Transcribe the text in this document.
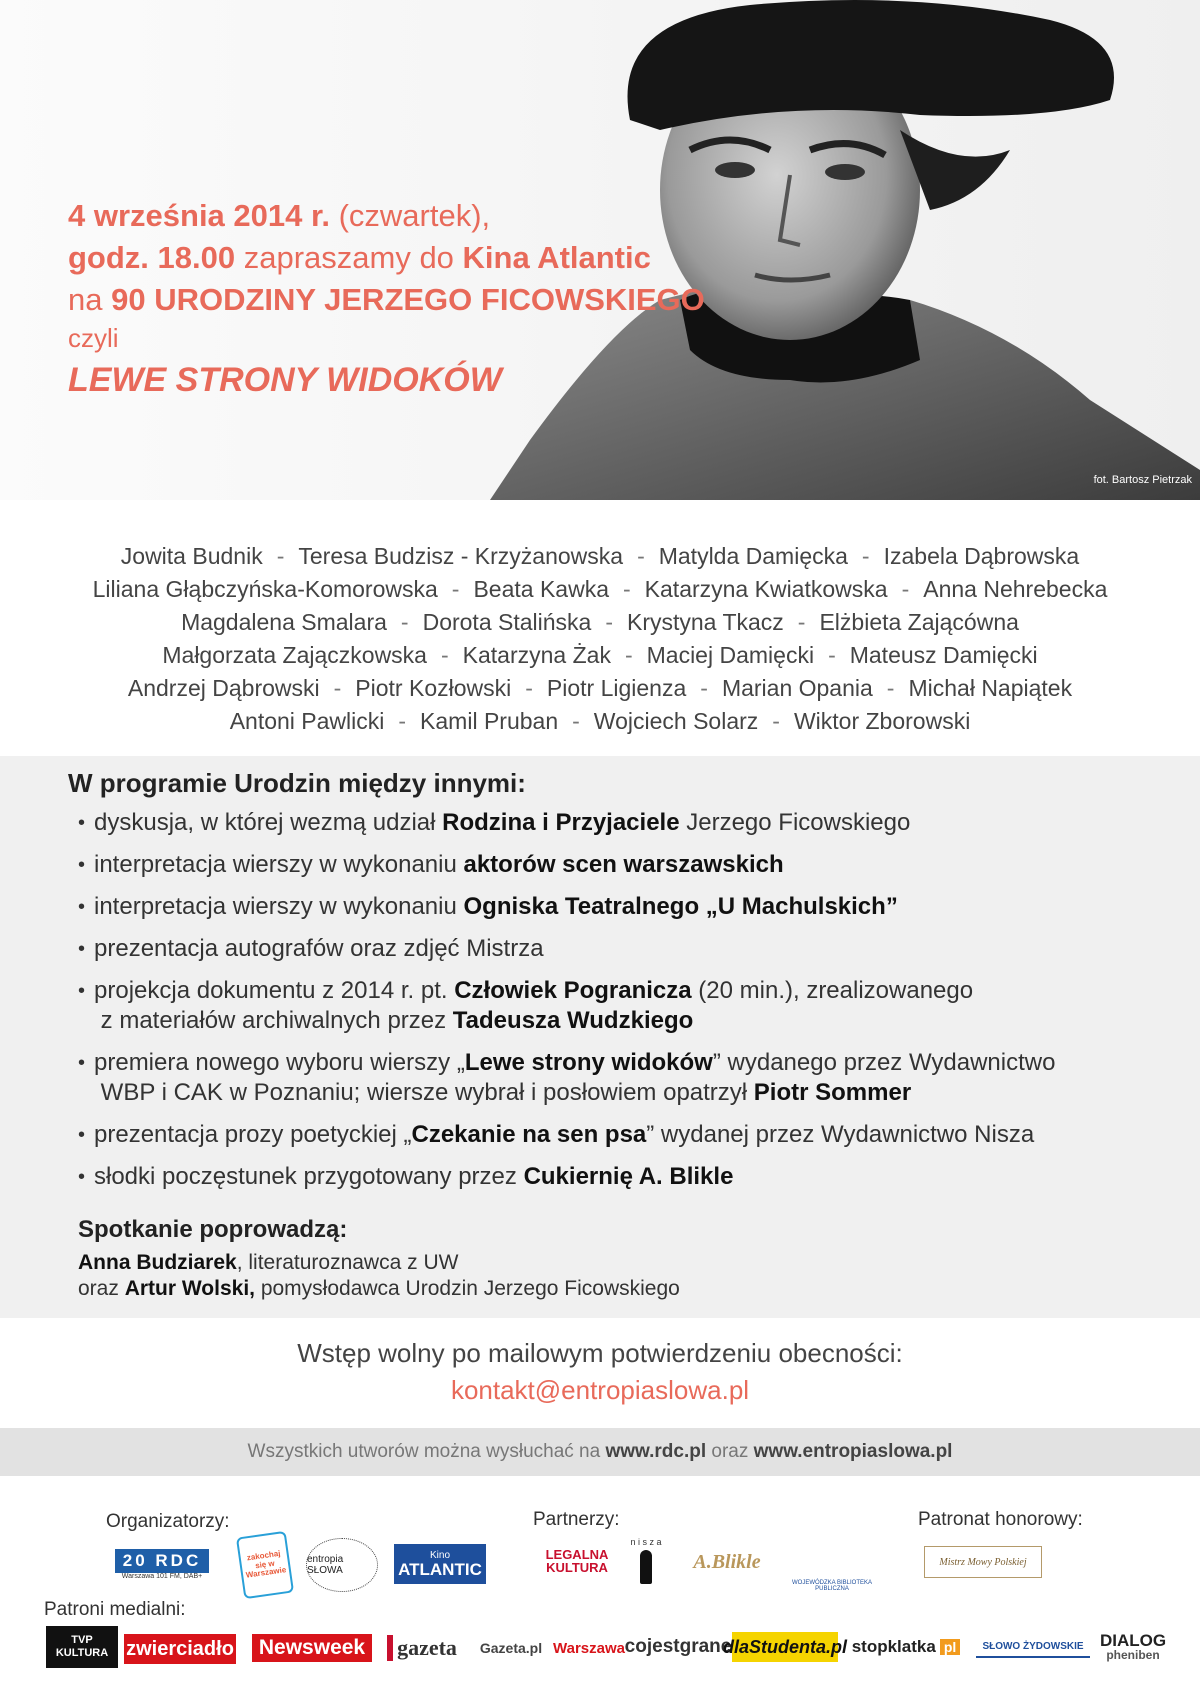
fot. Bartosz Pietrzak
4 września 2014 r. (czwartek),
godz. 18.00 zapraszamy do Kina Atlantic
na 90 URODZINY JERZEGO FICOWSKIEGO
czyli
LEWE STRONY WIDOKÓW
Jowita Budnik - Teresa Budzisz - Krzyżanowska - Matylda Damięcka - Izabela Dąbrowska
Liliana Głąbczyńska-Komorowska - Beata Kawka - Katarzyna Kwiatkowska - Anna Nehrebecka
Magdalena Smalara - Dorota Stalińska - Krystyna Tkacz - Elżbieta Zającówna
Małgorzata Zajączkowska - Katarzyna Żak - Maciej Damięcki - Mateusz Damięcki
Andrzej Dąbrowski - Piotr Kozłowski - Piotr Ligienza - Marian Opania - Michał Napiątek
Antoni Pawlicki - Kamil Pruban - Wojciech Solarz - Wiktor Zborowski
W programie Urodzin między innymi:
• dyskusja, w której wezmą udział Rodzina i Przyjaciele Jerzego Ficowskiego
• interpretacja wierszy w wykonaniu aktorów scen warszawskich
• interpretacja wierszy w wykonaniu Ogniska Teatralnego „U Machulskich”
• prezentacja autografów oraz zdjęć Mistrza
• projekcja dokumentu z 2014 r. pt. Człowiek Pogranicza (20 min.), zrealizowanego
z materiałów archiwalnych przez Tadeusza Wudzkiego
• premiera nowego wyboru wierszy „Lewe strony widoków” wydanego przez Wydawnictwo
WBP i CAK w Poznaniu; wiersze wybrał i posłowiem opatrzył Piotr Sommer
• prezentacja prozy poetyckiej „Czekanie na sen psa” wydanej przez Wydawnictwo Nisza
• słodki poczęstunek przygotowany przez Cukiernię A. Blikle
Spotkanie poprowadzą:
Anna Budziarek, literaturoznawca z UW
oraz Artur Wolski, pomysłodawca Urodzin Jerzego Ficowskiego
Wstęp wolny po mailowym potwierdzeniu obecności:
kontakt@entropiaslowa.pl
Wszystkich utworów można wysłuchać na www.rdc.pl oraz www.entropiaslowa.pl
Organizatorzy:	Partnerzy:	Patronat honorowy:
Patroni medialni:
20 RDC
Warszawa 101 FM, DAB+
zakochaj się w Warszawie
entropia SŁOWA
Kino
ATLANTIC
LEGALNA KULTURA
n i s z a
A.Blikle
WOJEWÓDZKA BIBLIOTEKA PUBLICZNA
Mistrz Mowy Polskiej
TVP KULTURA zwierciadło	Newsweek	gazeta	Gazeta.pl Warszawa cojestgrane
dlaStudenta.pl stopklatka pl	SŁOWO ŻYDOWSKIE DIALOG
pheniben
